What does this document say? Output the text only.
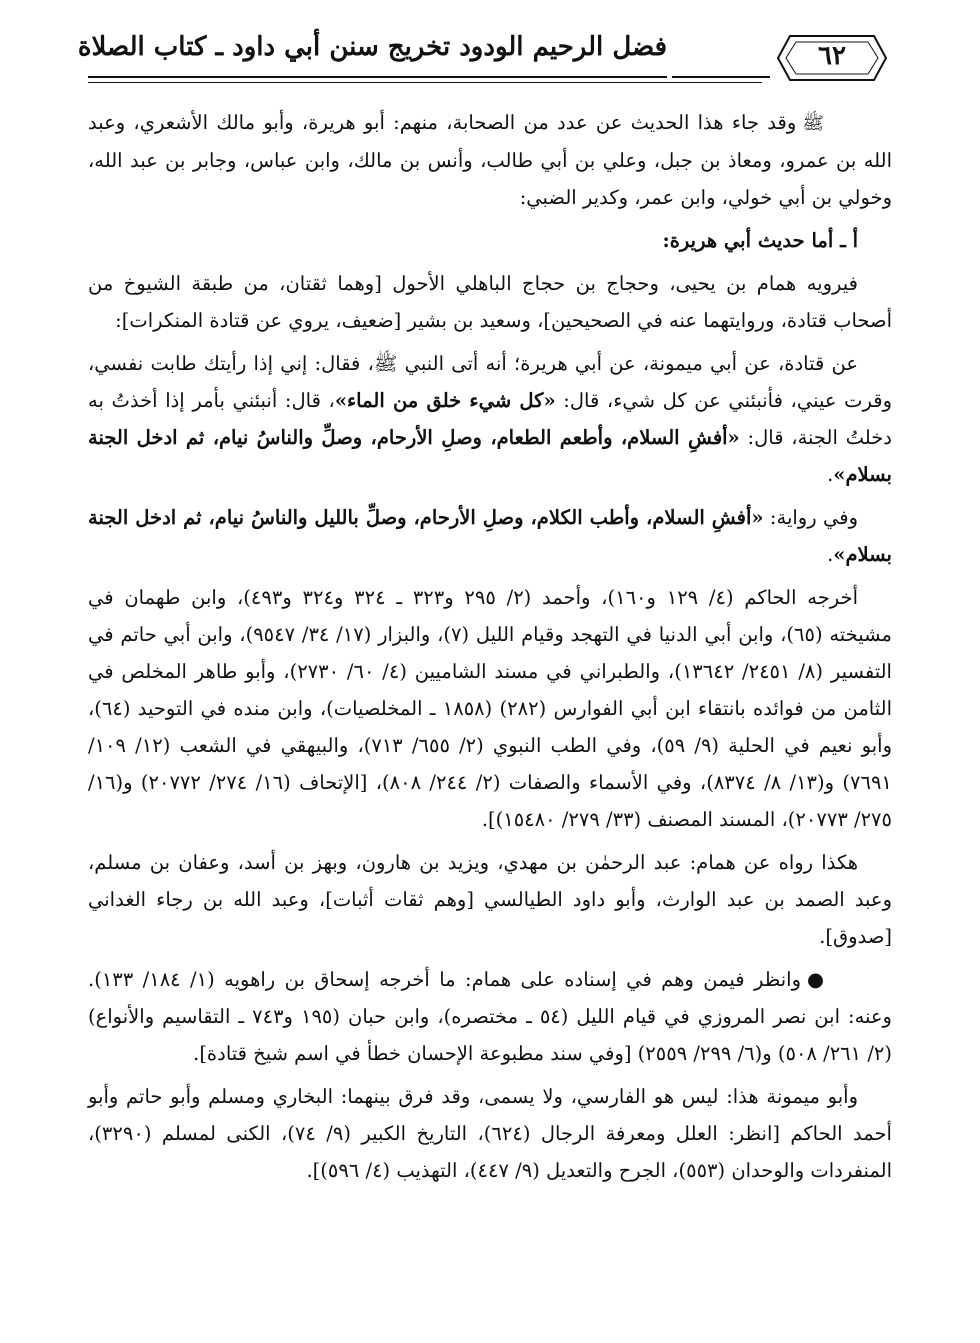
٦٢
فضل الرحيم الودود تخريج سنن أبي داود ـ كتاب الصلاة

ﷺوقد جاء هذا الحديث عن عدد من الصحابة، منهم: أبو هريرة، وأبو مالك الأشعري، وعبد الله بن عمرو، ومعاذ بن جبل، وعلي بن أبي طالب، وأنس بن مالك، وابن عباس، وجابر بن عبد الله، وخولي بن أبي خولي، وابن عمر، وكدير الضبي:

أ ـ أما حديث أبي هريرة:

فيرويه همام بن يحيى، وحجاج بن حجاج الباهلي الأحول [وهما ثقتان، من طبقة الشيوخ من أصحاب قتادة، وروايتهما عنه في الصحيحين]، وسعيد بن بشير [ضعيف، يروي عن قتادة المنكرات]:

عن قتادة، عن أبي ميمونة، عن أبي هريرة؛ أنه أتى النبي ﷺ، فقال: إني إذا رأيتك طابت نفسي، وقرت عيني، فأنبئني عن كل شيء، قال: «كل شيء خلق من الماء»، قال: أنبئني بأمر إذا أخذتُ به دخلتُ الجنة، قال: «أفشِ السلام، وأطعم الطعام، وصلِ الأرحام، وصلِّ والناسُ نيام، ثم ادخل الجنة بسلام».

وفي رواية: «أفشِ السلام، وأطب الكلام، وصلِ الأرحام، وصلِّ بالليل والناسُ نيام، ثم ادخل الجنة بسلام».

أخرجه الحاكم (٤/ ١٢٩ و١٦٠)، وأحمد (٢/ ٢٩٥ و٣٢٣ ـ ٣٢٤ و٣٢٤ و٤٩٣)، وابن طهمان في مشيخته (٦٥)، وابن أبي الدنيا في التهجد وقيام الليل (٧)، والبزار (١٧/ ٣٤/ ٩٥٤٧)، وابن أبي حاتم في التفسير (٨/ ٢٤٥١/ ١٣٦٤٢)، والطبراني في مسند الشاميين (٤/ ٦٠/ ٢٧٣٠)، وأبو طاهر المخلص في الثامن من فوائده بانتقاء ابن أبي الفوارس (٢٨٢) (١٨٥٨ ـ المخلصيات)، وابن منده في التوحيد (٦٤)، وأبو نعيم في الحلية (٩/ ٥٩)، وفي الطب النبوي (٢/ ٦٥٥/ ٧١٣)، والبيهقي في الشعب (١٢/ ١٠٩/ ٧٦٩١) و(١٣/ ٨/ ٨٣٧٤)، وفي الأسماء والصفات (٢/ ٢٤٤/ ٨٠٨)، [الإتحاف (١٦/ ٢٧٤/ ٢٠٧٧٢) و(١٦/ ٢٧٥/ ٢٠٧٧٣)، المسند المصنف (٣٣/ ٢٧٩/ ١٥٤٨٠)].

هكذا رواه عن همام: عبد الرحمٰن بن مهدي، ويزيد بن هارون، وبهز بن أسد، وعفان بن مسلم، وعبد الصمد بن عبد الوارث، وأبو داود الطيالسي [وهم ثقات أثبات]، وعبد الله بن رجاء الغداني [صدوق].

●وانظر فيمن وهم في إسناده على همام: ما أخرجه إسحاق بن راهويه (١/ ١٨٤/ ١٣٣). وعنه: ابن نصر المروزي في قيام الليل (٥٤ ـ مختصره)، وابن حبان (١٩٥ و٧٤٣ ـ التقاسيم والأنواع) (٢/ ٢٦١/ ٥٠٨) و(٦/ ٢٩٩/ ٢٥٥٩) [وفي سند مطبوعة الإحسان خطأ في اسم شيخ قتادة].

وأبو ميمونة هذا: ليس هو الفارسي، ولا يسمى، وقد فرق بينهما: البخاري ومسلم وأبو حاتم وأبو أحمد الحاكم [انظر: العلل ومعرفة الرجال (٦٢٤)، التاريخ الكبير (٩/ ٧٤)، الكنى لمسلم (٣٢٩٠)، المنفردات والوحدان (٥٥٣)، الجرح والتعديل (٩/ ٤٤٧)، التهذيب (٤/ ٥٩٦)].
